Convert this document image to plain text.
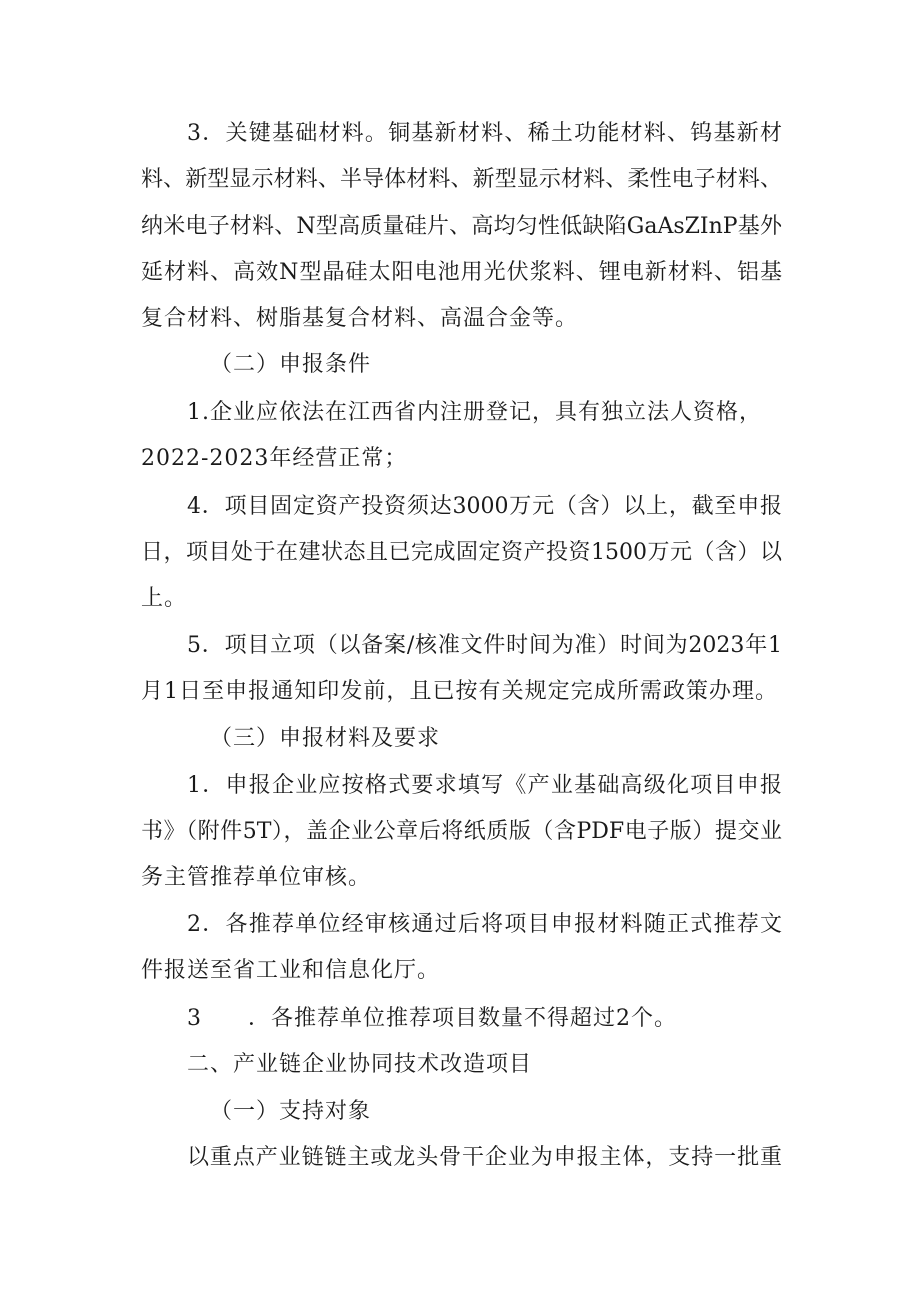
3．关键基础材料。铜基新材料、稀土功能材料、钨基新材
料、新型显示材料、半导体材料、新型显示材料、柔性电子材料、
纳米电子材料、N型高质量硅片、高均匀性低缺陷GaAsZInP基外
延材料、高效N型晶硅太阳电池用光伏浆料、锂电新材料、铝基
复合材料、树脂基复合材料、高温合金等。
（二）申报条件
1.企业应依法在江西省内注册登记，具有独立法人资格，
2022-2023年经营正常；
4．项目固定资产投资须达3000万元（含）以上，截至申报
日，项目处于在建状态且已完成固定资产投资1500万元（含）以
上。
5．项目立项（以备案/核准文件时间为准）时间为2023年1
月1日至申报通知印发前，且已按有关规定完成所需政策办理。
（三）申报材料及要求
1．申报企业应按格式要求填写《产业基础高级化项目申报
书》（附件5T），盖企业公章后将纸质版（含PDF电子版）提交业
务主管推荐单位审核。
2．各推荐单位经审核通过后将项目申报材料随正式推荐文
件报送至省工业和信息化厅。
3　　．各推荐单位推荐项目数量不得超过2个。
二、产业链企业协同技术改造项目
（一）支持对象
以重点产业链链主或龙头骨干企业为申报主体，支持一批重
